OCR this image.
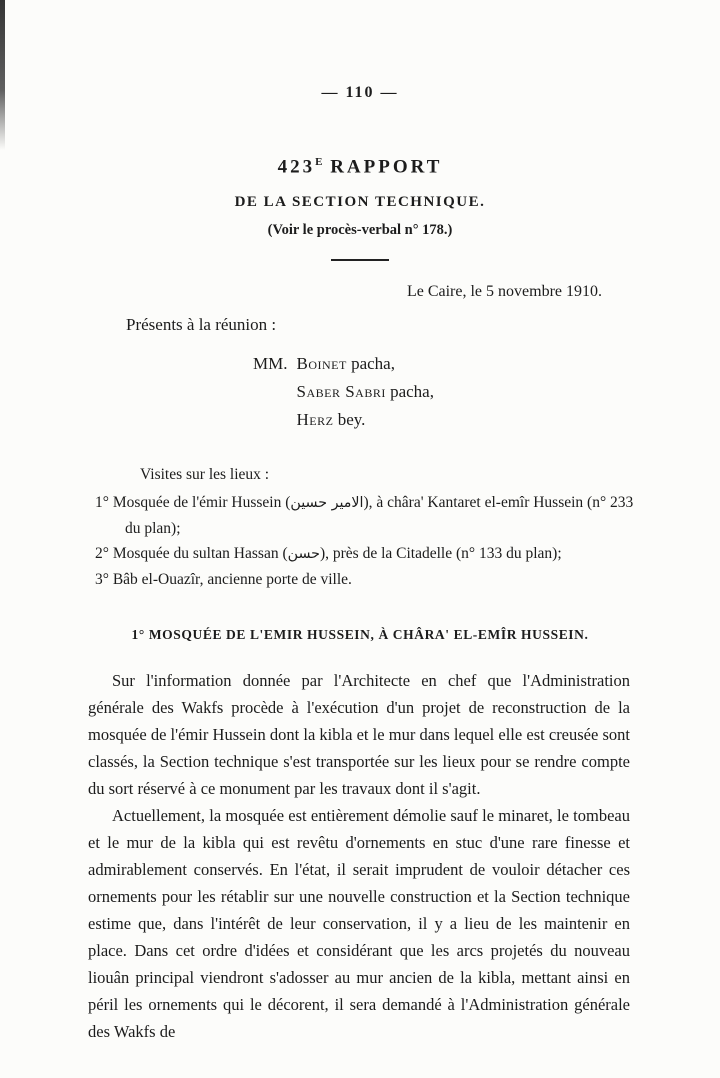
— 110 —
$423^E$ RAPPORT
DE LA SECTION TECHNIQUE.
(Voir le procès-verbal n° 178.)
Le Caire, le 5 novembre 1910.
Présents à la réunion :
MM. Boinet pacha,
Saber Sabri pacha,
Herz bey.
Visites sur les lieux :
1° Mosquée de l'émir Hussein (الامير حسين), à châra' Kantaret el-emîr Hussein (n° 233 du plan);
2° Mosquée du sultan Hassan (حسن), près de la Citadelle (n° 133 du plan);
3° Bâb el-Ouazîr, ancienne porte de ville.
1° MOSQUÉE DE L'EMIR HUSSEIN, À CHÂRA' EL-EMÎR HUSSEIN.

Sur l'information donnée par l'Architecte en chef que l'Administration générale des Wakfs procède à l'exécution d'un projet de reconstruction de la mosquée de l'émir Hussein dont la kibla et le mur dans lequel elle est creusée sont classés, la Section technique s'est transportée sur les lieux pour se rendre compte du sort réservé à ce monument par les travaux dont il s'agit.

Actuellement, la mosquée est entièrement démolie sauf le minaret, le tombeau et le mur de la kibla qui est revêtu d'ornements en stuc d'une rare finesse et admirablement conservés. En l'état, il serait imprudent de vouloir détacher ces ornements pour les rétablir sur une nouvelle construction et la Section technique estime que, dans l'intérêt de leur conservation, il y a lieu de les maintenir en place. Dans cet ordre d'idées et considérant que les arcs projetés du nouveau liouân principal viendront s'adosser au mur ancien de la kibla, mettant ainsi en péril les ornements qui le décorent, il sera demandé à l'Administration générale des Wakfs de
